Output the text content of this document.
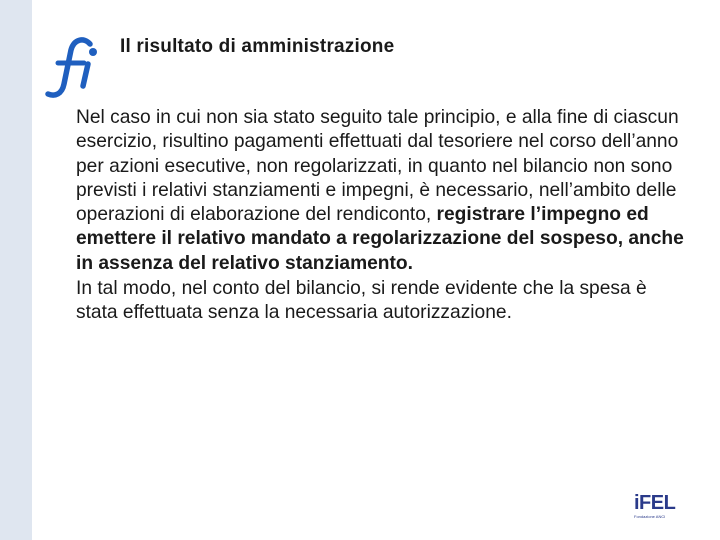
Il risultato di amministrazione

Nel caso in cui non sia stato seguito tale principio, e alla fine di ciascun esercizio, risultino pagamenti effettuati dal tesoriere nel corso dell’anno per azioni esecutive, non regolarizzati, in quanto nel bilancio non sono previsti i relativi stanziamenti e impegni, è necessario, nell’ambito delle operazioni di elaborazione del rendiconto, registrare l’impegno ed emettere il relativo mandato a regolarizzazione del sospeso, anche in assenza del relativo stanziamento.

In tal modo, nel conto del bilancio, si rende evidente che la spesa è stata effettuata senza la necessaria autorizzazione.

iFEL
Fondazione ANCI
